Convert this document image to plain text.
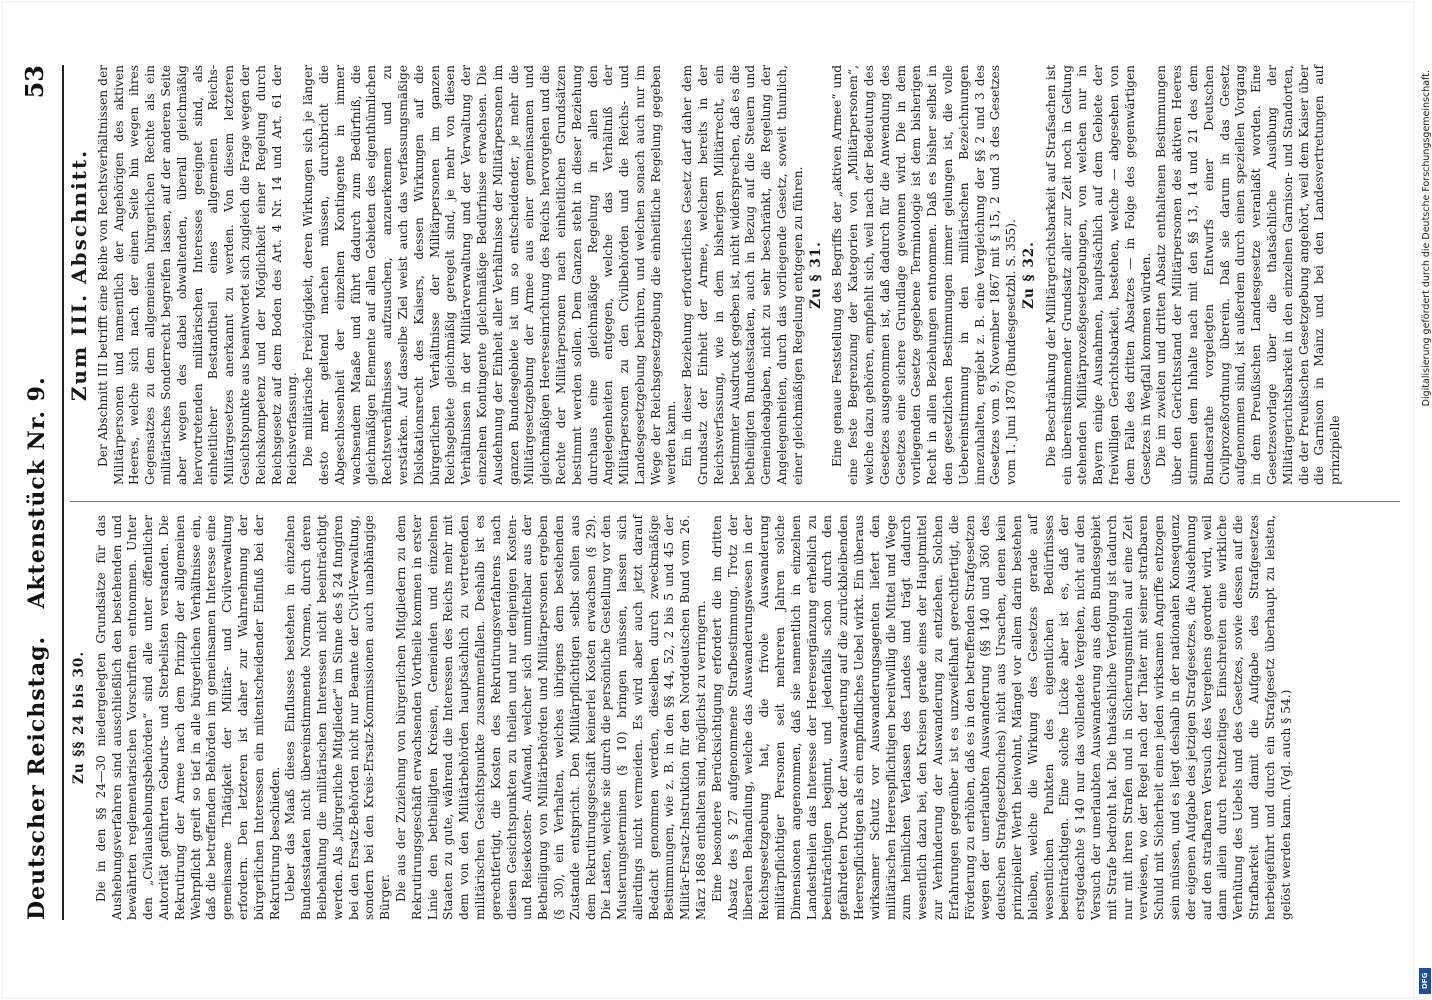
Deutscher Reichstag.
Aktenstück Nr. 9.
53
Zu §§ 24 bis 30. Die in den §§ 24—30 niedergelegten Grundsätze für das Aushebungsverfahren sind ausschließlich den bestehenden und bewährten reglementarischen Vorschriften entnommen. Unter den „Civilaushebungsbehörden“ sind alle unter öffentlicher Autorität geführten Geburts- und Sterbelisten verstanden. Die Rekrutirung der Armee nach dem Prinzip der allgemeinen Wehrpflicht greift so tief in alle bürgerlichen Verhältnisse ein, daß die betreffenden Behörden im gemeinsamen Interesse eine gemeinsame Thätigkeit der Militär- und Civilverwaltung erfordern. Den letzteren ist daher zur Wahrnehmung der bürgerlichen Interessen ein mitentscheidender Einfluß bei der Rekrutirung beschieden. Ueber das Maaß dieses Einflusses bestehen in einzelnen Bundesstaaten nicht übereinstimmende Normen, durch deren Beibehaltung die militärischen Interessen nicht beeinträchtigt werden. Als „bürgerliche Mitglieder“ im Sinne des § 24 fungiren bei den Ersatz-Behörden nicht nur Beamte der Civil-Verwaltung, sondern bei den Kreis-Ersatz-Kommissionen auch unabhängige Bürger. Die aus der Zuziehung von bürgerlichen Mitgliedern zu dem Rekrutirungsgeschäft erwachsenden Vortheile kommen in erster Linie den betheiligten Kreisen, Gemeinden und einzelnen Staaten zu gute, während die Interessen des Reichs mehr mit dem von den Militärbehörden hauptsächlich zu vertretenden militärischen Gesichtspunkte zusammenfallen. Deshalb ist es gerechtfertigt, die Kosten des Rekrutirungsverfahrens nach diesen Gesichtspunkten zu theilen und nur denjenigen Kosten- und Reisekosten- Aufwand, welcher sich unmittelbar aus der Betheiligung von Militärbehörden und Militärpersonen ergeben (§ 30), ein Verhalten, welches übrigens dem bestehenden Zustande entspricht. Den Militärpflichtigen selbst sollen aus dem Rekrutirungsgeschäft keinerlei Kosten erwachsen (§ 29). Die Lasten, welche sie durch die persönliche Gestellung vor den Musterungsterminen (§ 10) bringen müssen, lassen sich allerdings nicht vermeiden. Es wird aber auch jetzt darauf Bedacht genommen werden, dieselben durch zweckmäßige Bestimmungen, wie z. B. in den §§ 44, 52, 2 bis 5 und 45 der Militär-Ersatz-Instruktion für den Norddeutschen Bund vom 26. März 1868 enthalten sind, möglichst zu verringern. Eine besondere Berücksichtigung erfordert die im dritten Absatz des § 27 aufgenommene Strafbestimmung. Trotz der liberalen Behandlung, welche das Auswanderungswesen in der Reichsgesetzgebung hat, die frivole Auswanderung militärpflichtiger Personen seit mehreren Jahren solche Dimensionen angenommen, daß sie namentlich in einzelnen Landestheilen das Interesse der Heeresergänzung erheblich zu beeinträchtigen beginnt, und jedenfalls schon durch den gefährdeten Druck der Auswanderung auf die zurückbleibenden Heerespflichtigen als ein empfindliches Uebel wirkt. Ein überaus wirksamer Schutz vor Auswanderungsagenten liefert den militärischen Heerespflichtigen bereitwillig die Mittel und Wege zum heimlichen Verlassen des Landes und trägt dadurch wesentlich dazu bei, den Kreisen gerade eines der Hauptmittel zur Verhinderung der Auswanderung zu entziehen. Solchen Erfahrungen gegenüber ist es unzweifelhaft gerechtfertigt, die Förderung zu erhöhen, daß es in den betreffenden Strafgesetzen wegen der unerlaubten Auswanderung (§§ 140 und 360 des deutschen Strafgesetzbuches) nicht aus Ursachen, denen kein prinzipieller Werth beiwohnt, Mängel vor allem darin bestehen bleiben, welche die Wirkung des Gesetzes gerade auf wesentlichen Punkten des eigentlichen Bedürfnisses beeinträchtigen. Eine solche Lücke aber ist es, daß der erstgedachte § 140 nur das vollendete Vergehen, nicht auf den Versuch der unerlaubten Auswanderung aus dem Bundesgebiet mit Strafe bedroht hat. Die thatsächliche Verfolgung ist dadurch nur mit ihren Strafen und in Sicherungsmitteln auf eine Zeit verwiesen, wo der Regel nach der Thäter mit seiner strafbaren Schuld mit Sicherheit einen jeden wirksamen Angriffe entzogen sein müssen, und es liegt deshalb in der nationalen Konsequenz der eigenen Aufgabe des jetzigen Strafgesetzes, die Ausdehnung auf den strafbaren Versuch des Vergehens geordnet wird, weil dann allein durch rechtzeitiges Einschreiten eine wirkliche Verhütung des Uebels und des Gesetzes, sowie dessen auf die Strafbarkeit und damit die Aufgabe des Strafgesetzes herbeigeführt und durch ein Strafgesetz überhaupt zu leisten, gelöst werden kann. (Vgl. auch § 54.)

Zum III. Abschnitt. Der Abschnitt III betrifft eine Reihe von Rechtsverhältnissen der Militärpersonen und namentlich der Angehörigen des aktiven Heeres, welche sich nach der einen Seite hin wegen ihres Gegensatzes zu dem allgemeinen bürgerlichen Rechte als ein militärisches Sonderrecht begreifen lassen, auf der anderen Seite aber wegen des dabei obwaltenden, überall gleichmäßig hervortretenden militärischen Interesses geeignet sind, als einheitlicher Bestandtheil eines allgemeinen Reichs-Militärgesetzes anerkannt zu werden. Von diesem letzteren Gesichtspunkte aus beantwortet sich zugleich die Frage wegen der Reichskompetenz und der Möglichkeit einer Regelung durch Reichsgesetz auf dem Boden des Art. 4 Nr. 14 und Art. 61 der Reichsverfassung. Die militärische Freizügigkeit, deren Wirkungen sich je länger desto mehr geltend machen müssen, durchbricht die Abgeschlossenheit der einzelnen Kontingente in immer wachsendem Maaße und führt dadurch zum Bedürfniß, die gleichmäßigen Elemente auf allen Gebieten des eigenthümlichen Rechtsverhältnisses aufzusuchen, anzuerkennen und zu verstärken. Auf dasselbe Ziel weist auch das verfassungsmäßige Dislokationsrecht des Kaisers, dessen Wirkungen auf die bürgerlichen Verhältnisse der Militärpersonen im ganzen Reichsgebiete gleichmäßig geregelt sind, je mehr von diesen Verhältnissen in der Militärverwaltung und der Verwaltung der einzelnen Kontingente gleichmäßige Bedürfnisse erwachsen. Die Ausdehnung der Einheit aller Verhältnisse der Militärpersonen im ganzen Bundesgebiete ist um so entscheidender, je mehr die Militärgesetzgebung der Armee aus einer gemeinsamen und gleichmäßigen Heereseinrichtung des Reichs hervorgehen und die Rechte der Militärpersonen nach einheitlichen Grundsätzen bestimmt werden sollen. Dem Ganzen steht in dieser Beziehung durchaus eine gleichmäßige Regelung in allen den Angelegenheiten entgegen, welche das Verhältniß der Militärpersonen zu den Civilbehörden und die Reichs- und Landesgesetzgebung berühren, und welchen sonach auch nur im Wege der Reichsgesetzgebung die einheitliche Regelung gegeben werden kann. Ein in dieser Beziehung erforderliches Gesetz darf daher dem Grundsatz der Einheit der Armee, welchem bereits in der Reichsverfassung, wie in dem bisherigen Militärrecht, ein bestimmter Ausdruck gegeben ist, nicht widersprechen, daß es die betheiligten Bundesstaaten, auch in Bezug auf die Steuern und Gemeindeabgaben, nicht zu sehr beschränkt, die Regelung der Angelegenheiten, durch das vorliegende Gesetz, soweit thunlich, einer gleichmäßigen Regelung entgegen zu führen. Zu § 31. Eine genaue Feststellung des Begriffs der „aktiven Armee“ und eine feste Begrenzung der Kategorien von „Militärpersonen“, welche dazu gehören, empfiehlt sich, weil nach der Bedeutung des Gesetzes ausgenommen ist, daß dadurch für die Anwendung des Gesetzes eine sichere Grundlage gewonnen wird. Die in dem vorliegenden Gesetze gegebene Terminologie ist dem bisherigen Recht in allen Beziehungen entnommen. Daß es bisher selbst in den gesetzlichen Bestimmungen immer gelungen ist, die volle Uebereinstimmung in den militärischen Bezeichnungen innezuhalten, ergiebt z. B. eine Vergleichung der §§ 2 und 3 des Gesetzes vom 9. November 1867 mit § 15, 2 und 3 des Gesetzes vom 1. Juni 1870 (Bundesgesetzbl. S. 355). Zu § 32. Die Beschränkung der Militärgerichtsbarkeit auf Strafsachen ist ein übereinstimmender Grundsatz aller zur Zeit noch in Geltung stehenden Militärprozeßgesetzgebungen, von welchen nur in Bayern einige Ausnahmen, hauptsächlich auf dem Gebiete der freiwilligen Gerichtsbarkeit, bestehen, welche — abgesehen von dem Falle des dritten Absatzes — in Folge des gegenwärtigen Gesetzes in Wegfall kommen würden. Die im zweiten und dritten Absatz enthaltenen Bestimmungen über den Gerichtsstand der Militärpersonen des aktiven Heeres stimmen dem Inhalte nach mit den §§ 13, 14 und 21 des dem Bundesrathe vorgelegten Entwurfs einer Deutschen Civilprozeßordnung überein. Daß sie darum in das Gesetz aufgenommen sind, ist außerdem durch einen speziellen Vorgang in dem Preußischen Landesgesetze veranlaßt worden. Eine Gesetzesvorlage über die thatsächliche Ausübung der Militärgerichtsbarkeit in den einzelnen Garnison- und Standorten, die der Preußischen Gesetzgebung angehört, weil dem Kaiser über die Garnison in Mainz und bei den Landesvertretungen auf prinzipielle

Digitalisierung gefördert durch die Deutsche Forschungsgemeinschaft.
DFG
